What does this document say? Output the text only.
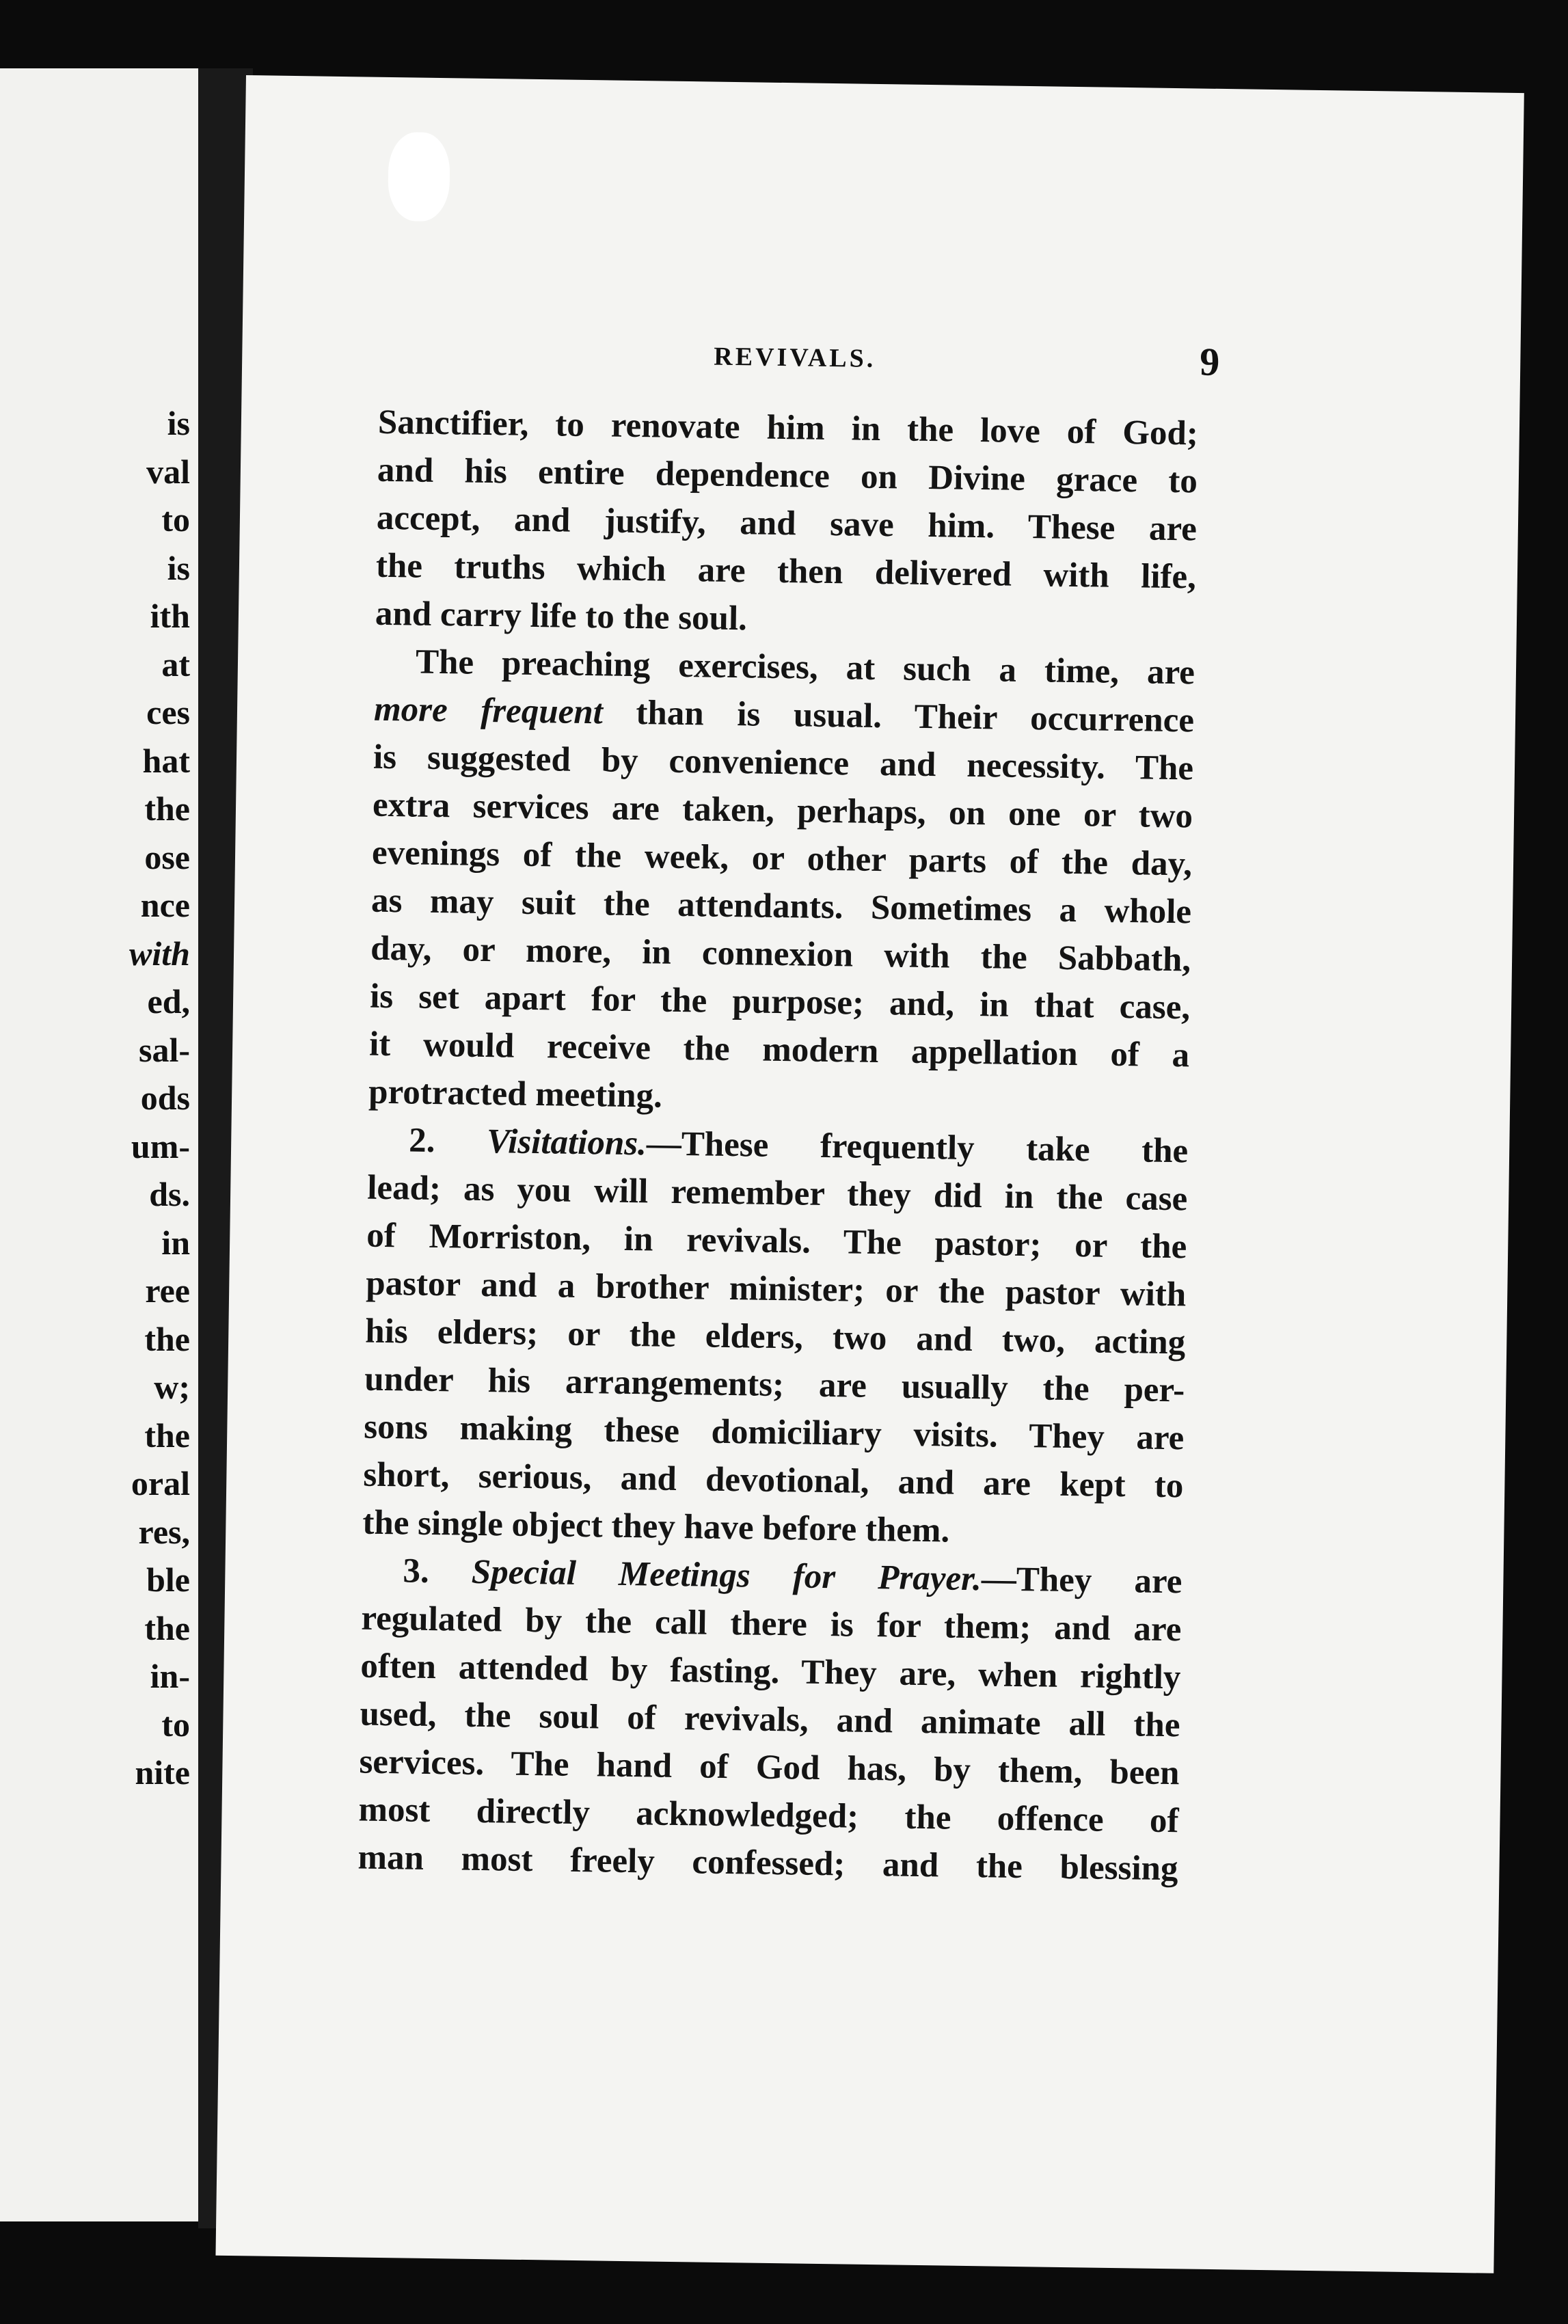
is
val
to
is
ith
at
ces
hat
the
ose
nce
with
ed,
sal-
ods
um-
ds.
in
ree
the
w;
the
oral
res,
ble
the
in-
to
nite
REVIVALS.	9
Sanctifier, to renovate him in the love of God;
and his entire dependence on Divine grace to
accept, and justify, and save him. These are
the truths which are then delivered with life,
and carry life to the soul.
The preaching exercises, at such a time, are
more frequent than is usual. Their occurrence
is suggested by convenience and necessity. The
extra services are taken, perhaps, on one or two
evenings of the week, or other parts of the day,
as may suit the attendants. Sometimes a whole
day, or more, in connexion with the Sabbath,
is set apart for the purpose; and, in that case,
it would receive the modern appellation of a
protracted meeting.
2. Visitations.—These frequently take the
lead; as you will remember they did in the case
of Morriston, in revivals. The pastor; or the
pastor and a brother minister; or the pastor with
his elders; or the elders, two and two, acting
under his arrangements; are usually the per-
sons making these domiciliary visits. They are
short, serious, and devotional, and are kept to
the single object they have before them.
3. Special Meetings for Prayer.—They are
regulated by the call there is for them; and are
often attended by fasting. They are, when rightly
used, the soul of revivals, and animate all the
services. The hand of God has, by them, been
most directly acknowledged; the offence of
man most freely confessed; and the blessing
